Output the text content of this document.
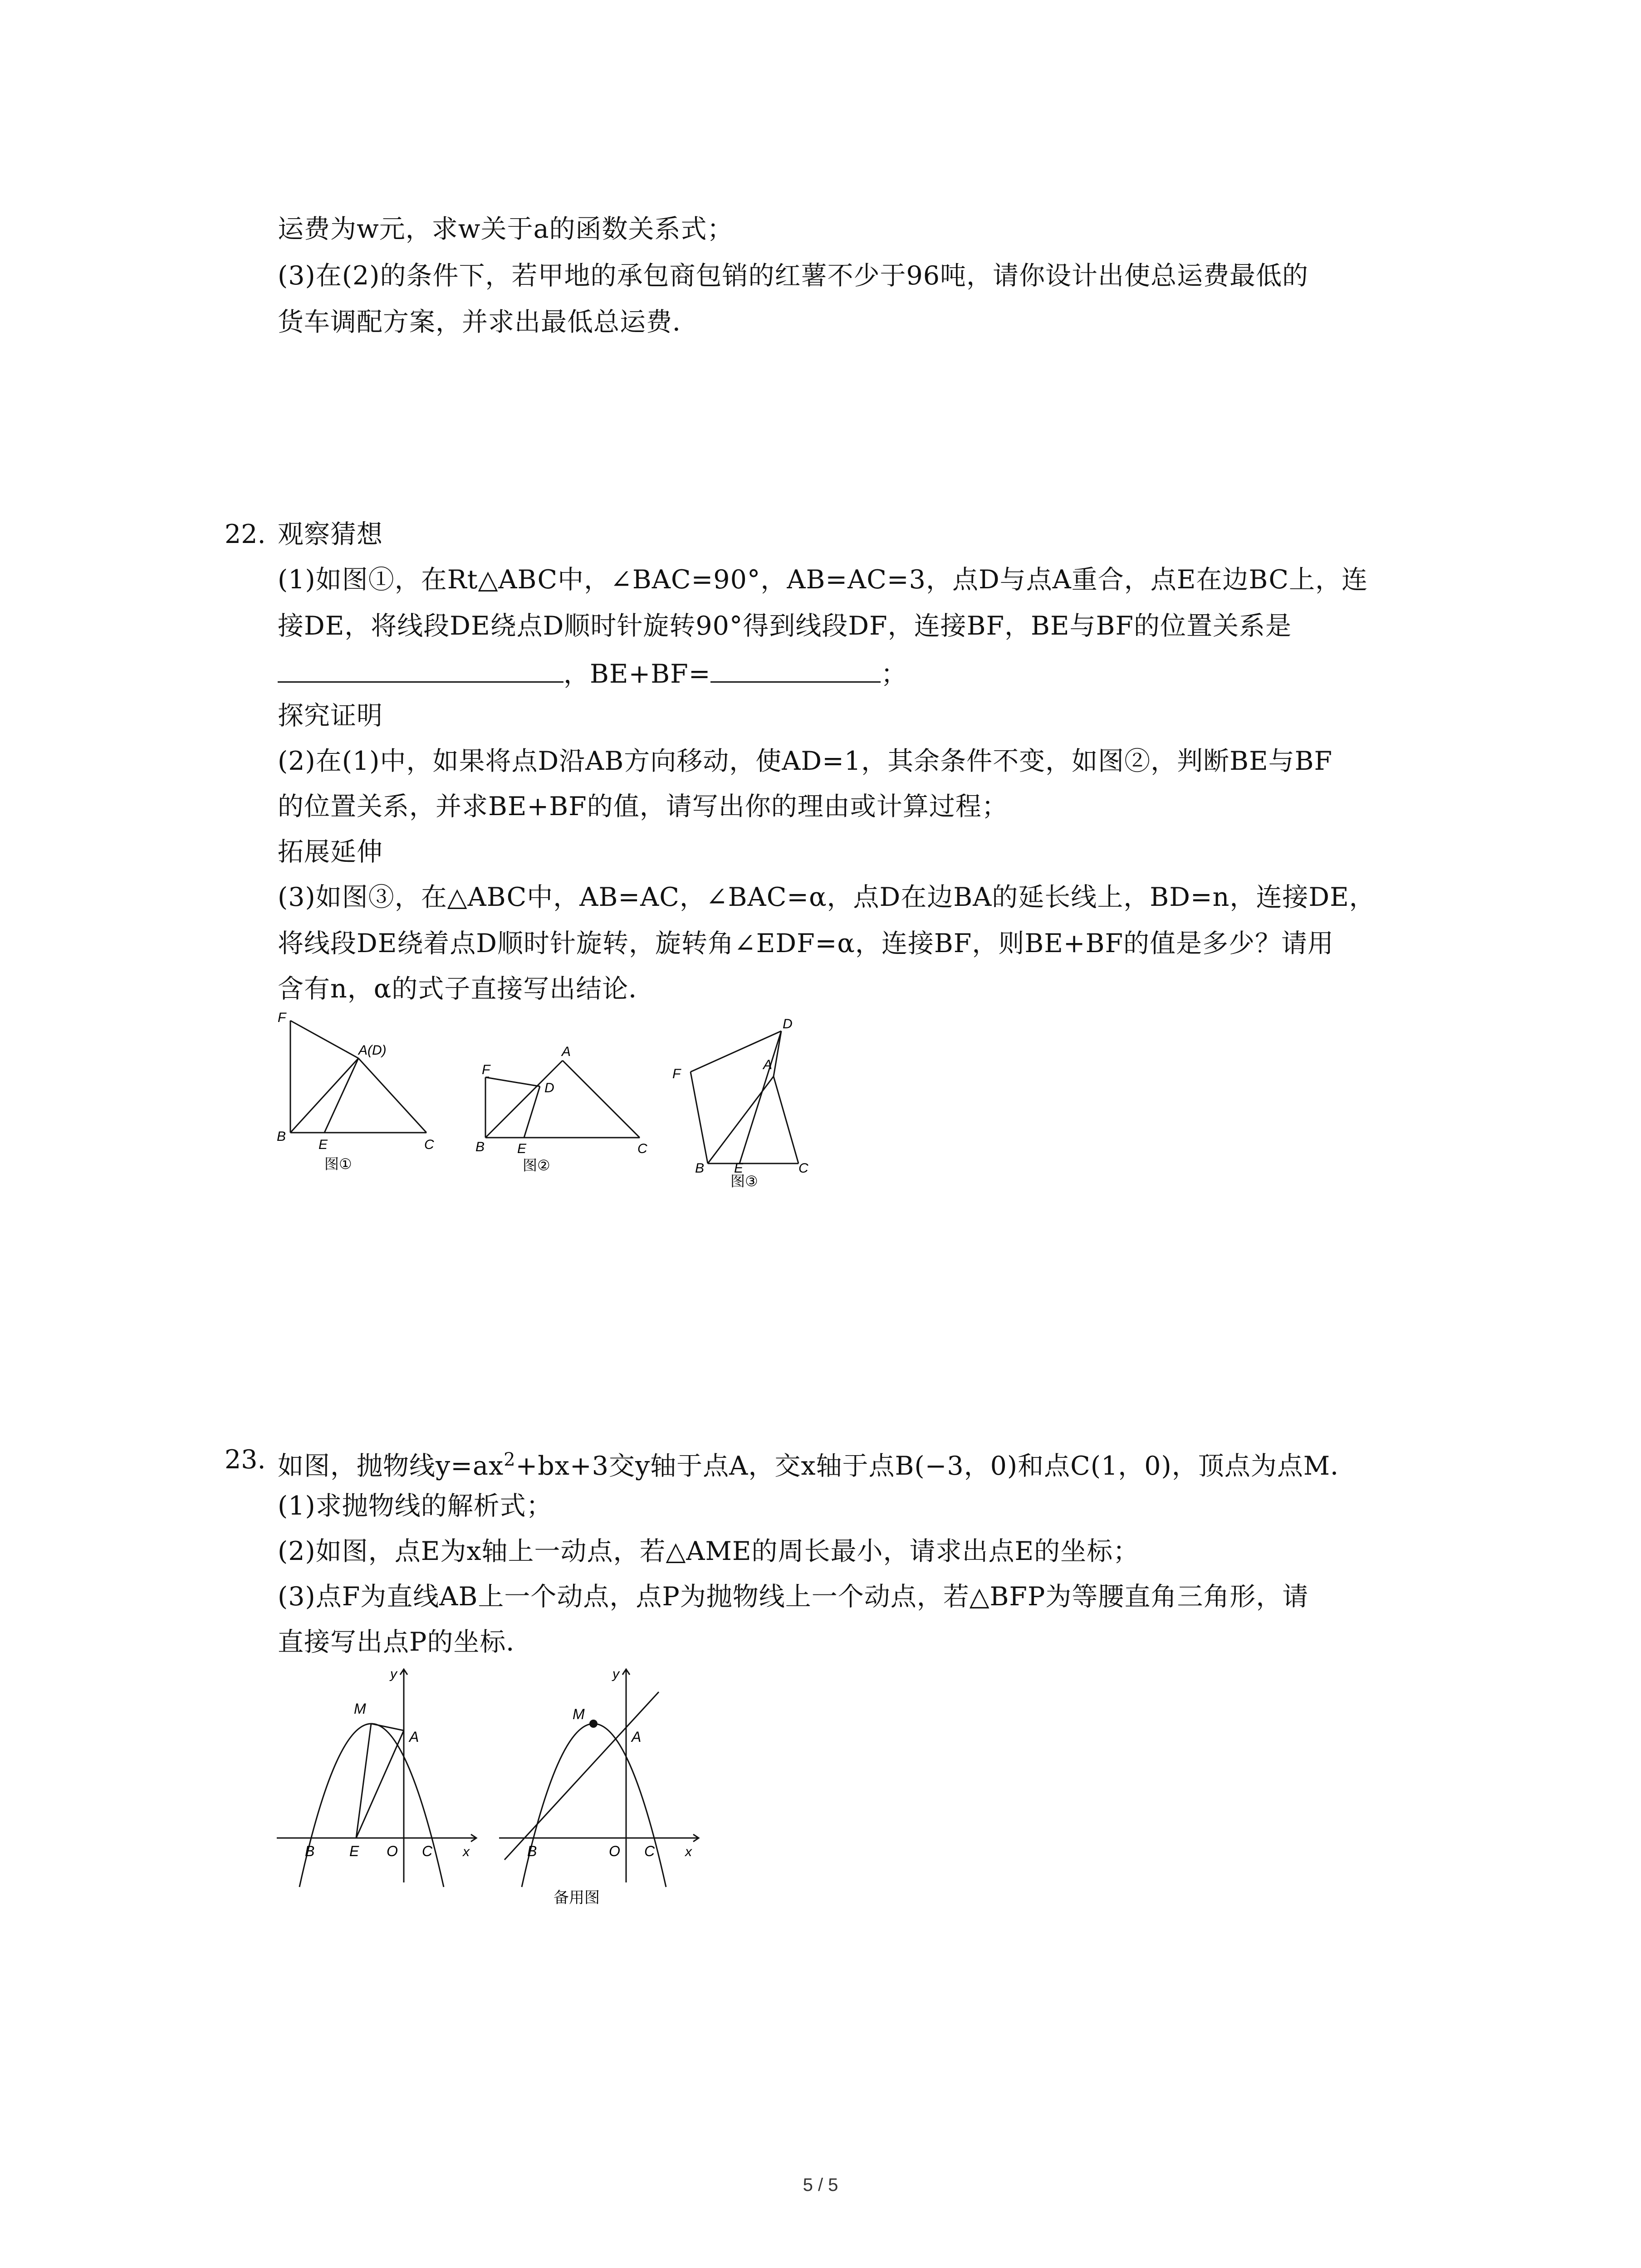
运费为w元，求w关于a的函数关系式；
(3)在(2)的条件下，若甲地的承包商包销的红薯不少于96吨，请你设计出使总运费最低的
货车调配方案，并求出最低总运费．
22. 观察猜想
(1)如图①，在Rt△ABC中，∠BAC=90°，AB=AC=3，点D与点A重合，点E在边BC上，连
接DE，将线段DE绕点D顺时针旋转90°得到线段DF，连接BF，BE与BF的位置关系是
，BE+BF=	；
探究证明
(2)在(1)中，如果将点D沿AB方向移动，使AD=1，其余条件不变，如图②，判断BE与BF
的位置关系，并求BE+BF的值，请写出你的理由或计算过程；
拓展延伸
(3)如图③，在△ABC中，AB=AC，∠BAC=α，点D在边BA的延长线上，BD=n，连接DE，
将线段DE绕着点D顺时针旋转，旋转角∠EDF=α，连接BF，则BE+BF的值是多少？请用
含有n，α的式子直接写出结论．
F
A(D)
B
E	C
图①
F
A
D
B E	C
图②
D
A
F
B E	C
图③
23. 如图，抛物线$y=ax^2+bx+3$交y轴于点A，交x轴于点B(−3，0)和点C(1，0)，顶点为点M．
(1)求抛物线的解析式；
(2)如图，点E为x轴上一动点，若△AME的周长最小，请求出点E的坐标；
(3)点F为直线AB上一个动点，点P为抛物线上一个动点，若△BFP为等腰直角三角形，请
直接写出点P的坐标．
M
y
A
B E O C x
M
y
A
B	O C x
备用图
5 / 5
